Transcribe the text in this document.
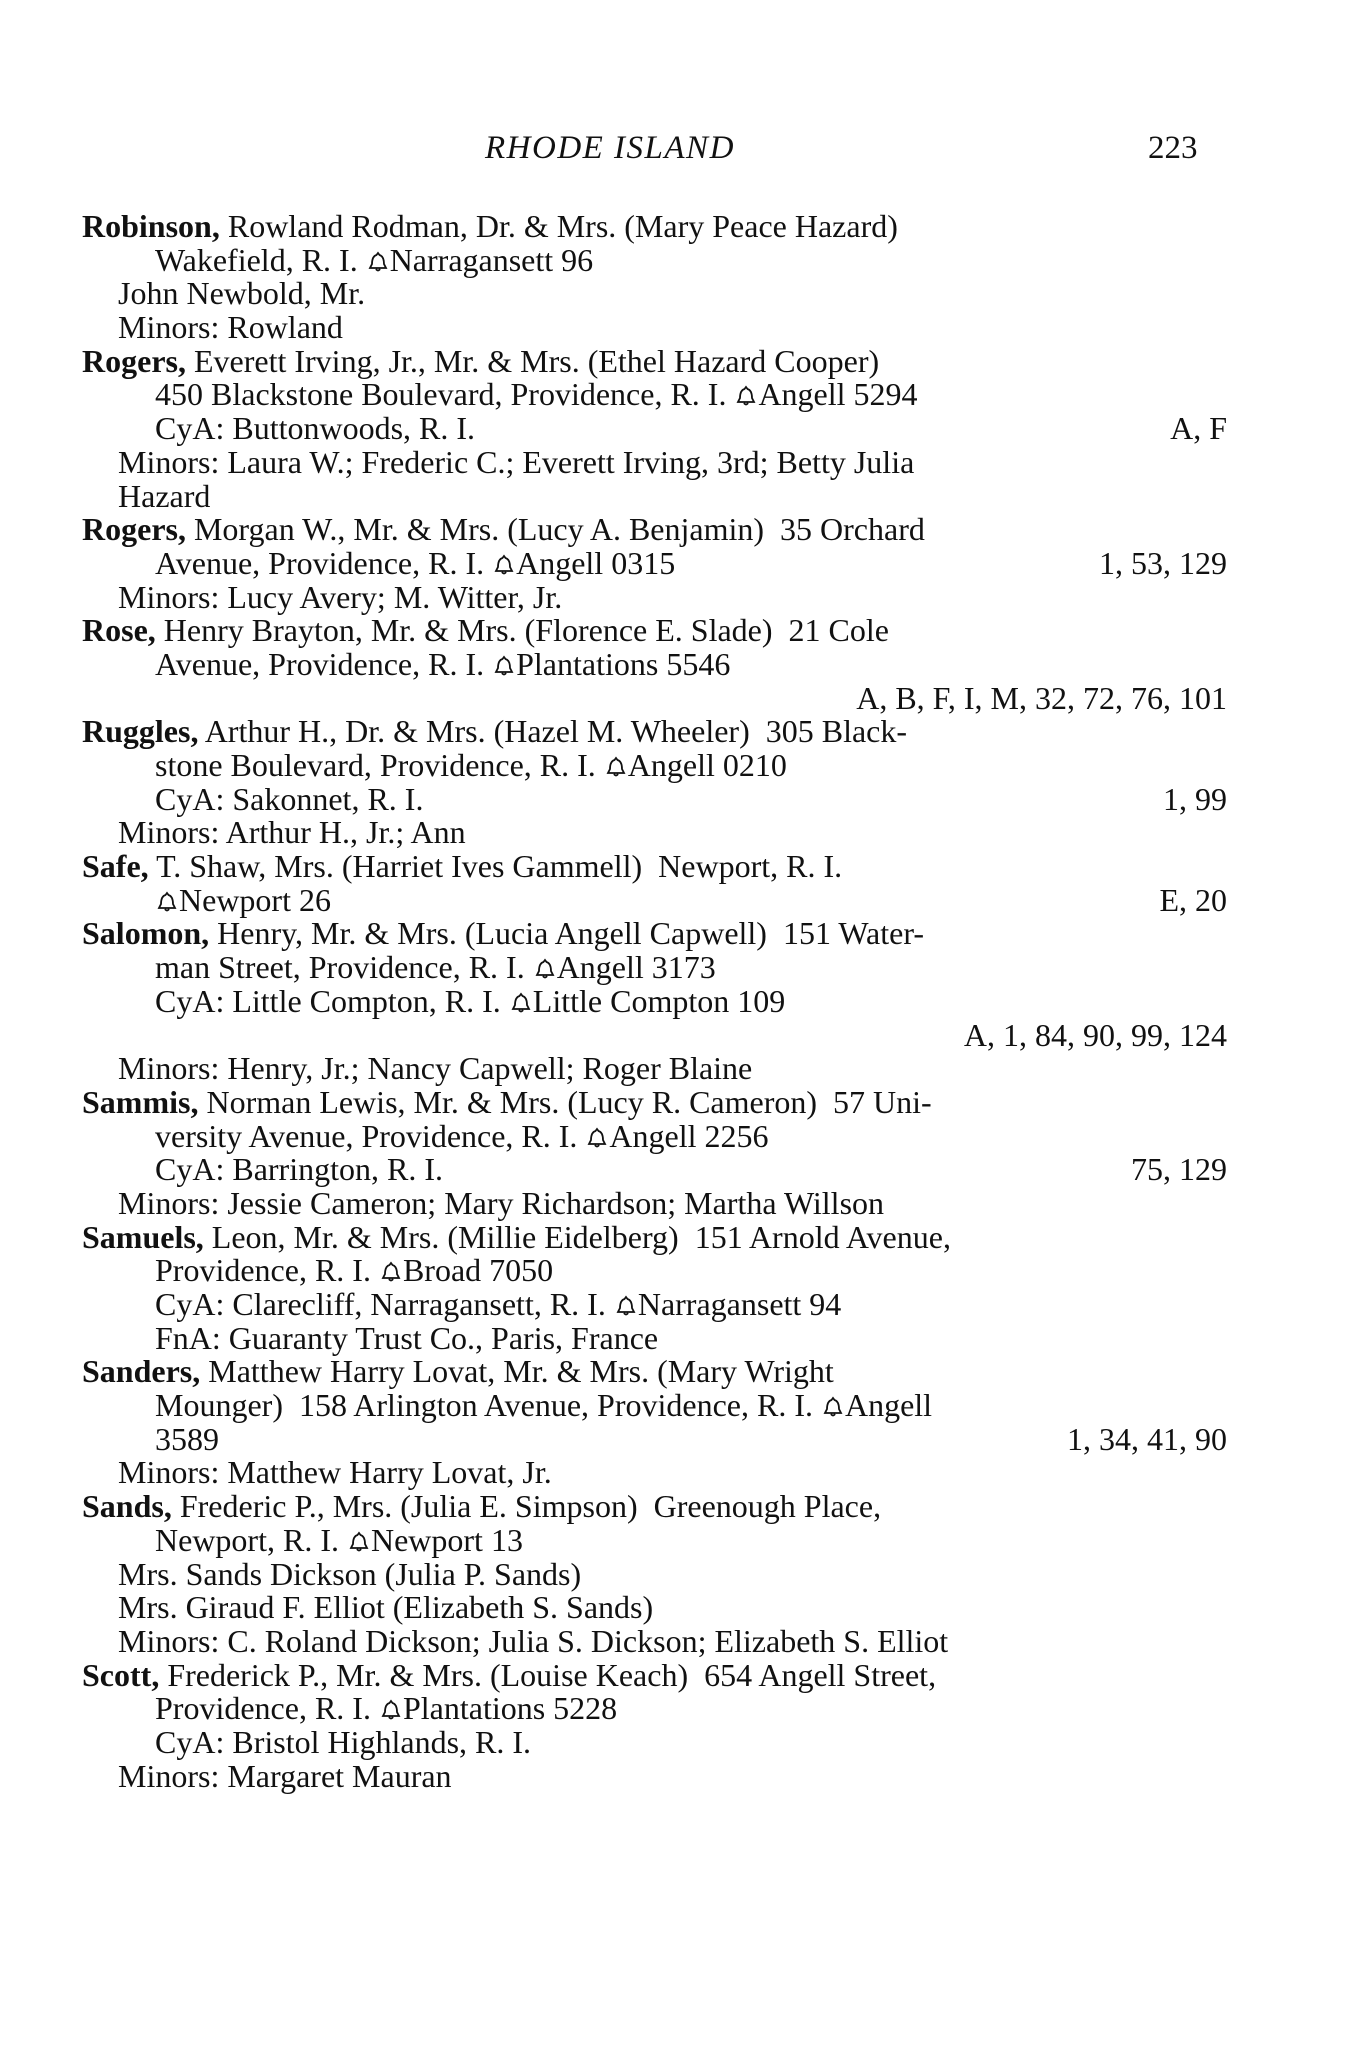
RHODE ISLAND	223
Robinson, Rowland Rodman, Dr. & Mrs. (Mary Peace Hazard)
Wakefield, R. I. Narragansett 96
John Newbold, Mr.
Minors: Rowland
Rogers, Everett Irving, Jr., Mr. & Mrs. (Ethel Hazard Cooper)
450 Blackstone Boulevard, Providence, R. I. Angell 5294
CyA: Buttonwoods, R. I.	A, F
Minors: Laura W.; Frederic C.; Everett Irving, 3rd; Betty Julia
Hazard
Rogers, Morgan W., Mr. & Mrs. (Lucy A. Benjamin)  35 Orchard
Avenue, Providence, R. I. Angell 0315	1, 53, 129
Minors: Lucy Avery; M. Witter, Jr.
Rose, Henry Brayton, Mr. & Mrs. (Florence E. Slade)  21 Cole
Avenue, Providence, R. I. Plantations 5546
A, B, F, I, M, 32, 72, 76, 101
Ruggles, Arthur H., Dr. & Mrs. (Hazel M. Wheeler)  305 Black-
stone Boulevard, Providence, R. I. Angell 0210
CyA: Sakonnet, R. I.	1, 99
Minors: Arthur H., Jr.; Ann
Safe, T. Shaw, Mrs. (Harriet Ives Gammell)  Newport, R. I.
Newport 26	E, 20
Salomon, Henry, Mr. & Mrs. (Lucia Angell Capwell)  151 Water-
man Street, Providence, R. I. Angell 3173
CyA: Little Compton, R. I. Little Compton 109
A, 1, 84, 90, 99, 124
Minors: Henry, Jr.; Nancy Capwell; Roger Blaine
Sammis, Norman Lewis, Mr. & Mrs. (Lucy R. Cameron)  57 Uni-
versity Avenue, Providence, R. I. Angell 2256
CyA: Barrington, R. I.	75, 129
Minors: Jessie Cameron; Mary Richardson; Martha Willson
Samuels, Leon, Mr. & Mrs. (Millie Eidelberg)  151 Arnold Avenue,
Providence, R. I. Broad 7050
CyA: Clarecliff, Narragansett, R. I. Narragansett 94
FnA: Guaranty Trust Co., Paris, France
Sanders, Matthew Harry Lovat, Mr. & Mrs. (Mary Wright
Mounger)  158 Arlington Avenue, Providence, R. I. Angell
3589	1, 34, 41, 90
Minors: Matthew Harry Lovat, Jr.
Sands, Frederic P., Mrs. (Julia E. Simpson)  Greenough Place,
Newport, R. I. Newport 13
Mrs. Sands Dickson (Julia P. Sands)
Mrs. Giraud F. Elliot (Elizabeth S. Sands)
Minors: C. Roland Dickson; Julia S. Dickson; Elizabeth S. Elliot
Scott, Frederick P., Mr. & Mrs. (Louise Keach)  654 Angell Street,
Providence, R. I. Plantations 5228
CyA: Bristol Highlands, R. I.
Minors: Margaret Mauran
